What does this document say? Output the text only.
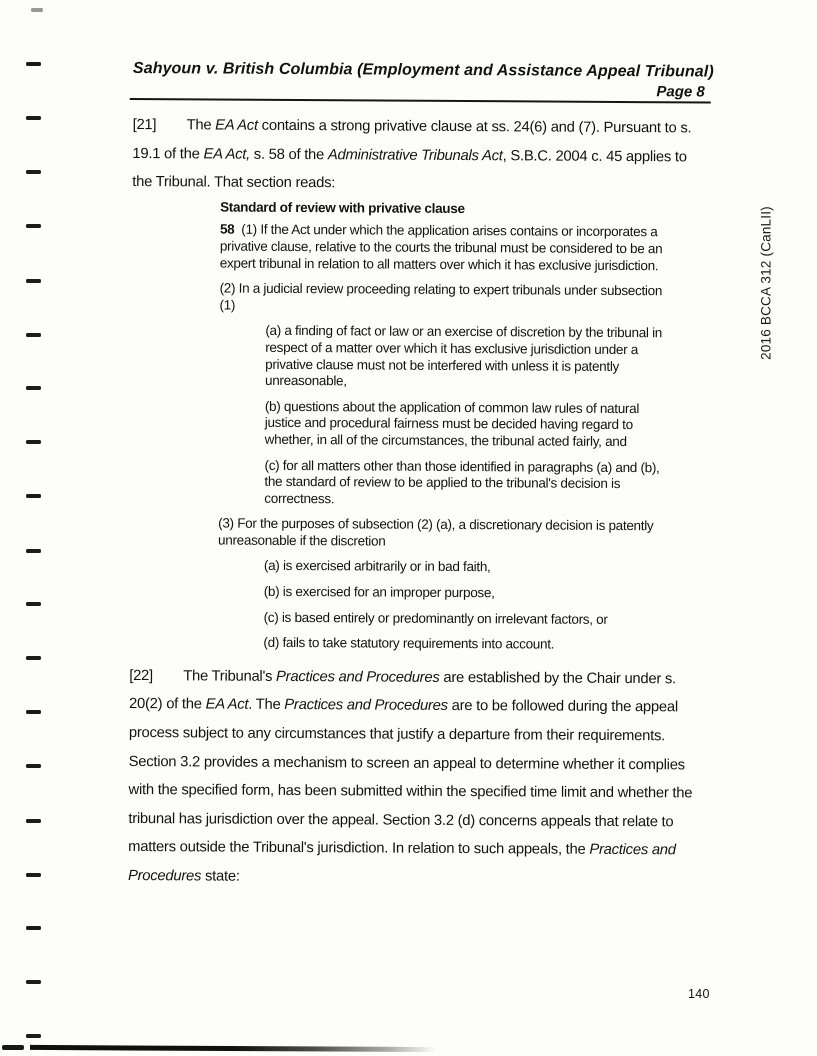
Sahyoun v. British Columbia (Employment and Assistance Appeal Tribunal)
Page 8
[21] The EA Act contains a strong privative clause at ss. 24(6) and (7). Pursuant to s. 19.1 of the EA Act, s. 58 of the Administrative Tribunals Act, S.B.C. 2004 c. 45 applies to the Tribunal. That section reads:
Standard of review with privative clause
58  (1) If the Act under which the application arises contains or incorporates a privative clause, relative to the courts the tribunal must be considered to be an expert tribunal in relation to all matters over which it has exclusive jurisdiction.
(2) In a judicial review proceeding relating to expert tribunals under subsection (1)
(a) a finding of fact or law or an exercise of discretion by the tribunal in respect of a matter over which it has exclusive jurisdiction under a privative clause must not be interfered with unless it is patently unreasonable,
(b) questions about the application of common law rules of natural justice and procedural fairness must be decided having regard to whether, in all of the circumstances, the tribunal acted fairly, and
(c) for all matters other than those identified in paragraphs (a) and (b), the standard of review to be applied to the tribunal's decision is correctness.
(3) For the purposes of subsection (2) (a), a discretionary decision is patently unreasonable if the discretion
(a) is exercised arbitrarily or in bad faith,
(b) is exercised for an improper purpose,
(c) is based entirely or predominantly on irrelevant factors, or
(d) fails to take statutory requirements into account.
[22] The Tribunal's Practices and Procedures are established by the Chair under s. 20(2) of the EA Act. The Practices and Procedures are to be followed during the appeal process subject to any circumstances that justify a departure from their requirements. Section 3.2 provides a mechanism to screen an appeal to determine whether it complies with the specified form, has been submitted within the specified time limit and whether the tribunal has jurisdiction over the appeal. Section 3.2 (d) concerns appeals that relate to matters outside the Tribunal's jurisdiction. In relation to such appeals, the Practices and Procedures state:
2016 BCCA 312 (CanLII)
140
